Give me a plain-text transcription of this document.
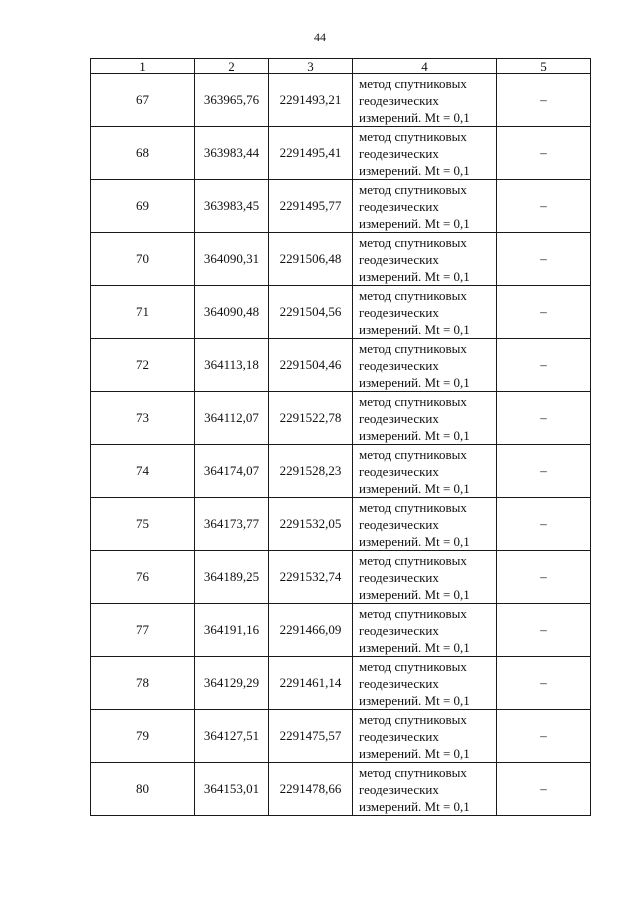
44
1	2	3	4	5
67	363965,76	2291493,21	метод спутниковых
геодезических
измерений. Mt = 0,1	–
68	363983,44	2291495,41	метод спутниковых
геодезических
измерений. Mt = 0,1	–
69	363983,45	2291495,77	метод спутниковых
геодезических
измерений. Mt = 0,1	–
70	364090,31	2291506,48	метод спутниковых
геодезических
измерений. Mt = 0,1	–
71	364090,48	2291504,56	метод спутниковых
геодезических
измерений. Mt = 0,1	–
72	364113,18	2291504,46	метод спутниковых
геодезических
измерений. Mt = 0,1	–
73	364112,07	2291522,78	метод спутниковых
геодезических
измерений. Mt = 0,1	–
74	364174,07	2291528,23	метод спутниковых
геодезических
измерений. Mt = 0,1	–
75	364173,77	2291532,05	метод спутниковых
геодезических
измерений. Mt = 0,1	–
76	364189,25	2291532,74	метод спутниковых
геодезических
измерений. Mt = 0,1	–
77	364191,16	2291466,09	метод спутниковых
геодезических
измерений. Mt = 0,1	–
78	364129,29	2291461,14	метод спутниковых
геодезических
измерений. Mt = 0,1	–
79	364127,51	2291475,57	метод спутниковых
геодезических
измерений. Mt = 0,1	–
80	364153,01	2291478,66	метод спутниковых
геодезических
измерений. Mt = 0,1	–
